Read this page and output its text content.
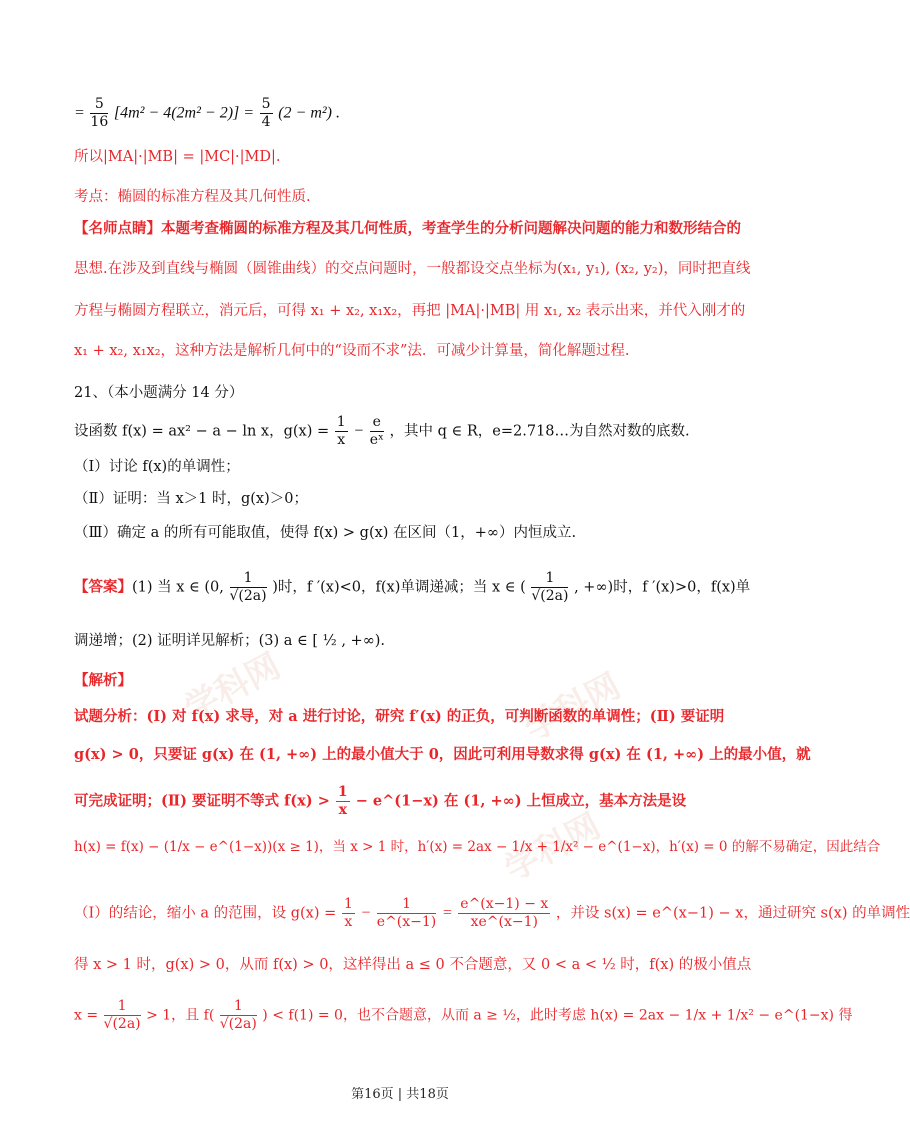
学科网	学科网
学科网
= $\frac{5}{16} [4m^2 - 4(2m^2 - 2)] = \frac{5}{4} (2 - m^2)$ .
所以|MA|·|MB| = |MC|·|MD|.
考点：椭圆的标准方程及其几何性质.
【名师点睛】本题考查椭圆的标准方程及其几何性质，考查学生的分析问题解决问题的能力和数形结合的
思想.在涉及到直线与椭圆（圆锥曲线）的交点问题时，一般都设交点坐标为(x₁, y₁), (x₂, y₂)，同时把直线
方程与椭圆方程联立，消元后，可得 x₁ + x₂, x₁x₂，再把 |MA|·|MB| 用 x₁, x₂ 表示出来，并代入刚才的
x₁ + x₂, x₁x₂，这种方法是解析几何中的“设而不求”法．可减少计算量，简化解题过程.
21、（本小题满分 14 分）
设函数 f(x) = ax² − a − ln x，$g(x) = \frac{1}{x} - \frac{e}{\text{eˣ}}$ ，其中 q ∈ R，e=2.718…为自然对数的底数.
（Ⅰ）讨论 f(x)的单调性；
（Ⅱ）证明：当 x＞1 时，g(x)＞0；
（Ⅲ）确定 a 的所有可能取值，使得 f(x) > g(x) 在区间（1，+∞）内恒成立.
【答案】(1) 当 x ∈ (0, $\frac{1}{√(2a)}$ )时，f ′(x)<0，f(x)单调递减；当 x ∈ ( $\frac{1}{√(2a)}$ , +∞)时，f ′(x)>0，f(x)单
调递增；(2) 证明详见解析；(3) a ∈ [ ½ , +∞).
【解析】
试题分析：(Ⅰ) 对 f(x) 求导，对 a 进行讨论，研究 f′(x) 的正负，可判断函数的单调性；(Ⅱ) 要证明
g(x) > 0，只要证 g(x) 在 (1, +∞) 上的最小值大于 0，因此可利用导数求得 g(x) 在 (1, +∞) 上的最小值，就
可完成证明；(Ⅱ) 要证明不等式 $f(x) > \frac{1}{x}$ − e^(1−x) 在 (1, +∞) 上恒成立，基本方法是设
h(x) = f(x) − (1/x − e^(1−x))(x ≥ 1)，当 x > 1 时，h′(x) = 2ax − 1/x + 1/x² − e^(1−x)，h′(x) = 0 的解不易确定，因此结合
（Ⅰ）的结论，缩小 a 的范围，设 $g(x) = \frac{1}{x} - \frac{1}{e\^{}(x-1)} = \frac{e\^{}(x-1) - x}{xe\^{}(x-1)}$ ，并设 s(x) = e^(x−1) − x，通过研究 s(x) 的单调性
得 x > 1 时，g(x) > 0，从而 f(x) > 0，这样得出 a ≤ 0 不合题意，又 0 < a < ½ 时，f(x) 的极小值点
$x = \frac{1}{√(2a)} > 1$，且 $f( \frac{1}{√(2a)}$ ) < f(1) = 0，也不合题意，从而 a ≥ ½，此时考虑 h(x) = 2ax − 1/x + 1/x² − e^(1−x) 得
第16页 | 共18页
